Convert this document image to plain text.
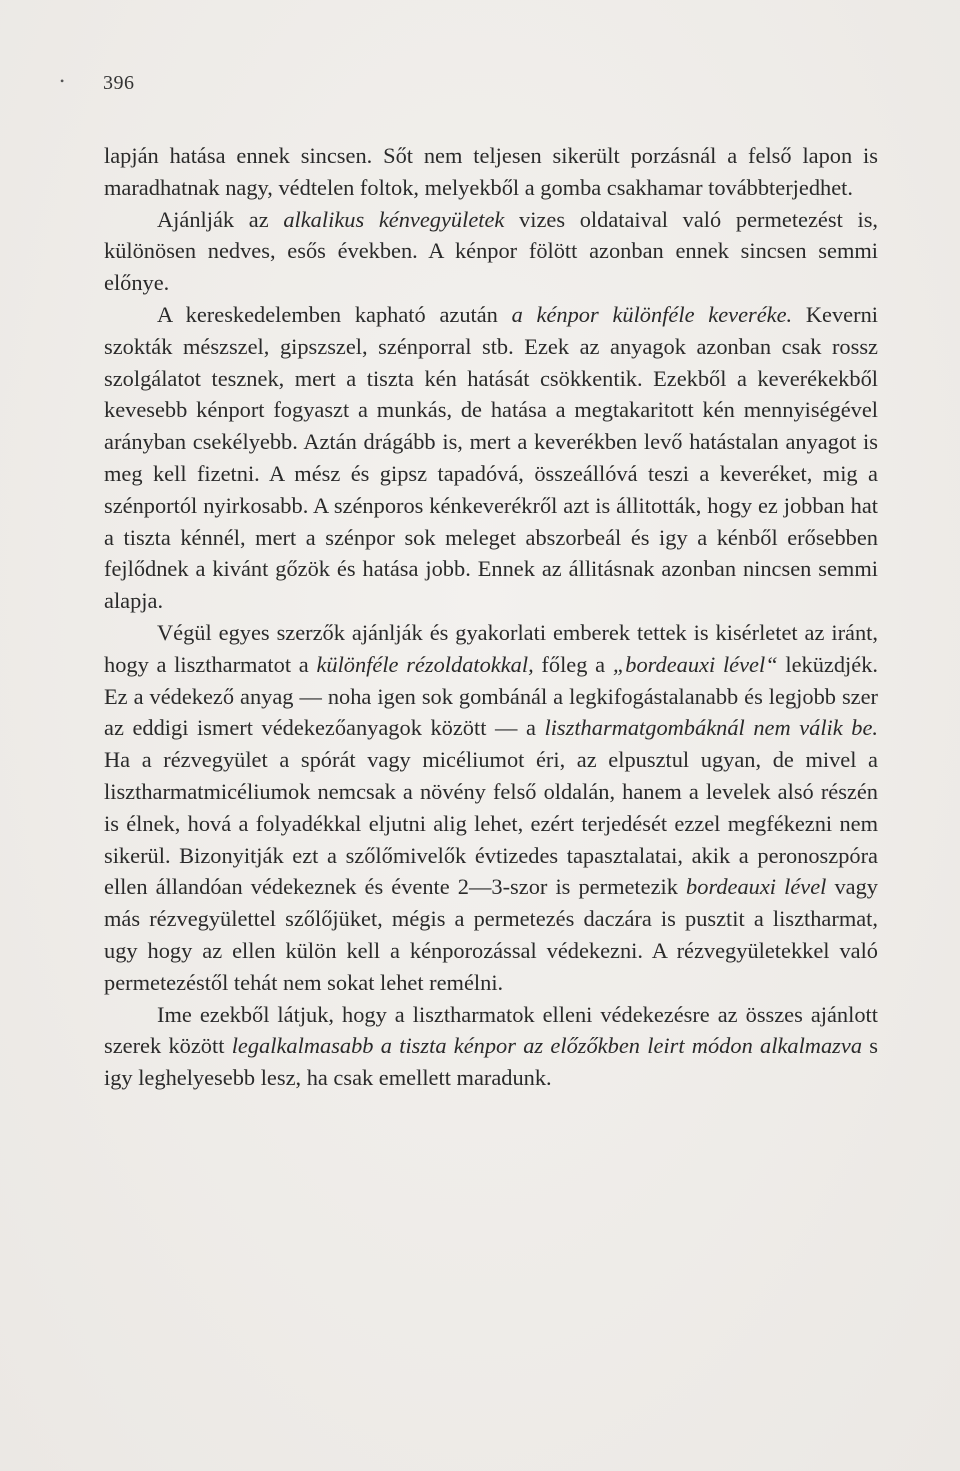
• 396

lapján hatása ennek sincsen. Sőt nem teljesen sikerült porzásnál a felső lapon is maradhatnak nagy, védtelen foltok, melyekből a gomba csakhamar továbbterjedhet.

Ajánlják az alkalikus kénvegyületek vizes oldataival való permetezést is, különösen nedves, esős években. A kénpor fölött azonban ennek sincsen semmi előnye.

A kereskedelemben kapható azután a kénpor különféle keveréke. Keverni szokták mészszel, gipszszel, szénporral stb. Ezek az anyagok azonban csak rossz szolgálatot tesznek, mert a tiszta kén hatását csökkentik. Ezekből a keverékekből kevesebb kénport fogyaszt a munkás, de hatása a megtakaritott kén mennyiségével arányban csekélyebb. Aztán drágább is, mert a keverékben levő hatástalan anyagot is meg kell fizetni. A mész és gipsz tapadóvá, összeállóvá teszi a keveréket, mig a szénportól nyirkosabb. A szénporos kénkeverékről azt is állitották, hogy ez jobban hat a tiszta kénnél, mert a szénpor sok meleget abszorbeál és igy a kénből erősebben fejlődnek a kivánt gőzök és hatása jobb. Ennek az állitásnak azonban nincsen semmi alapja.

Végül egyes szerzők ajánlják és gyakorlati emberek tettek is kisérletet az iránt, hogy a lisztharmatot a különféle rézoldatokkal, főleg a „bordeauxi lével“ leküzdjék. Ez a védekező anyag — noha igen sok gombánál a legkifogástalanabb és legjobb szer az eddigi ismert védekezőanyagok között — a lisztharmatgombáknál nem válik be. Ha a rézvegyület a spórát vagy micéliumot éri, az elpusztul ugyan, de mivel a lisztharmatmicéliumok nemcsak a növény felső oldalán, hanem a levelek alsó részén is élnek, hová a folyadékkal eljutni alig lehet, ezért terjedését ezzel megfékezni nem sikerül. Bizonyitják ezt a szőlőmivelők évtizedes tapasztalatai, akik a peronoszpóra ellen állandóan védekeznek és évente 2—3-szor is permetezik bordeauxi lével vagy más rézvegyülettel szőlőjüket, mégis a permetezés daczára is pusztit a lisztharmat, ugy hogy az ellen külön kell a kénporozással védekezni. A rézvegyületekkel való permetezéstől tehát nem sokat lehet remélni.

Ime ezekből látjuk, hogy a lisztharmatok elleni védekezésre az összes ajánlott szerek között legalkalmasabb a tiszta kénpor az előzőkben leirt módon alkalmazva s igy leghelyesebb lesz, ha csak emellett maradunk.
